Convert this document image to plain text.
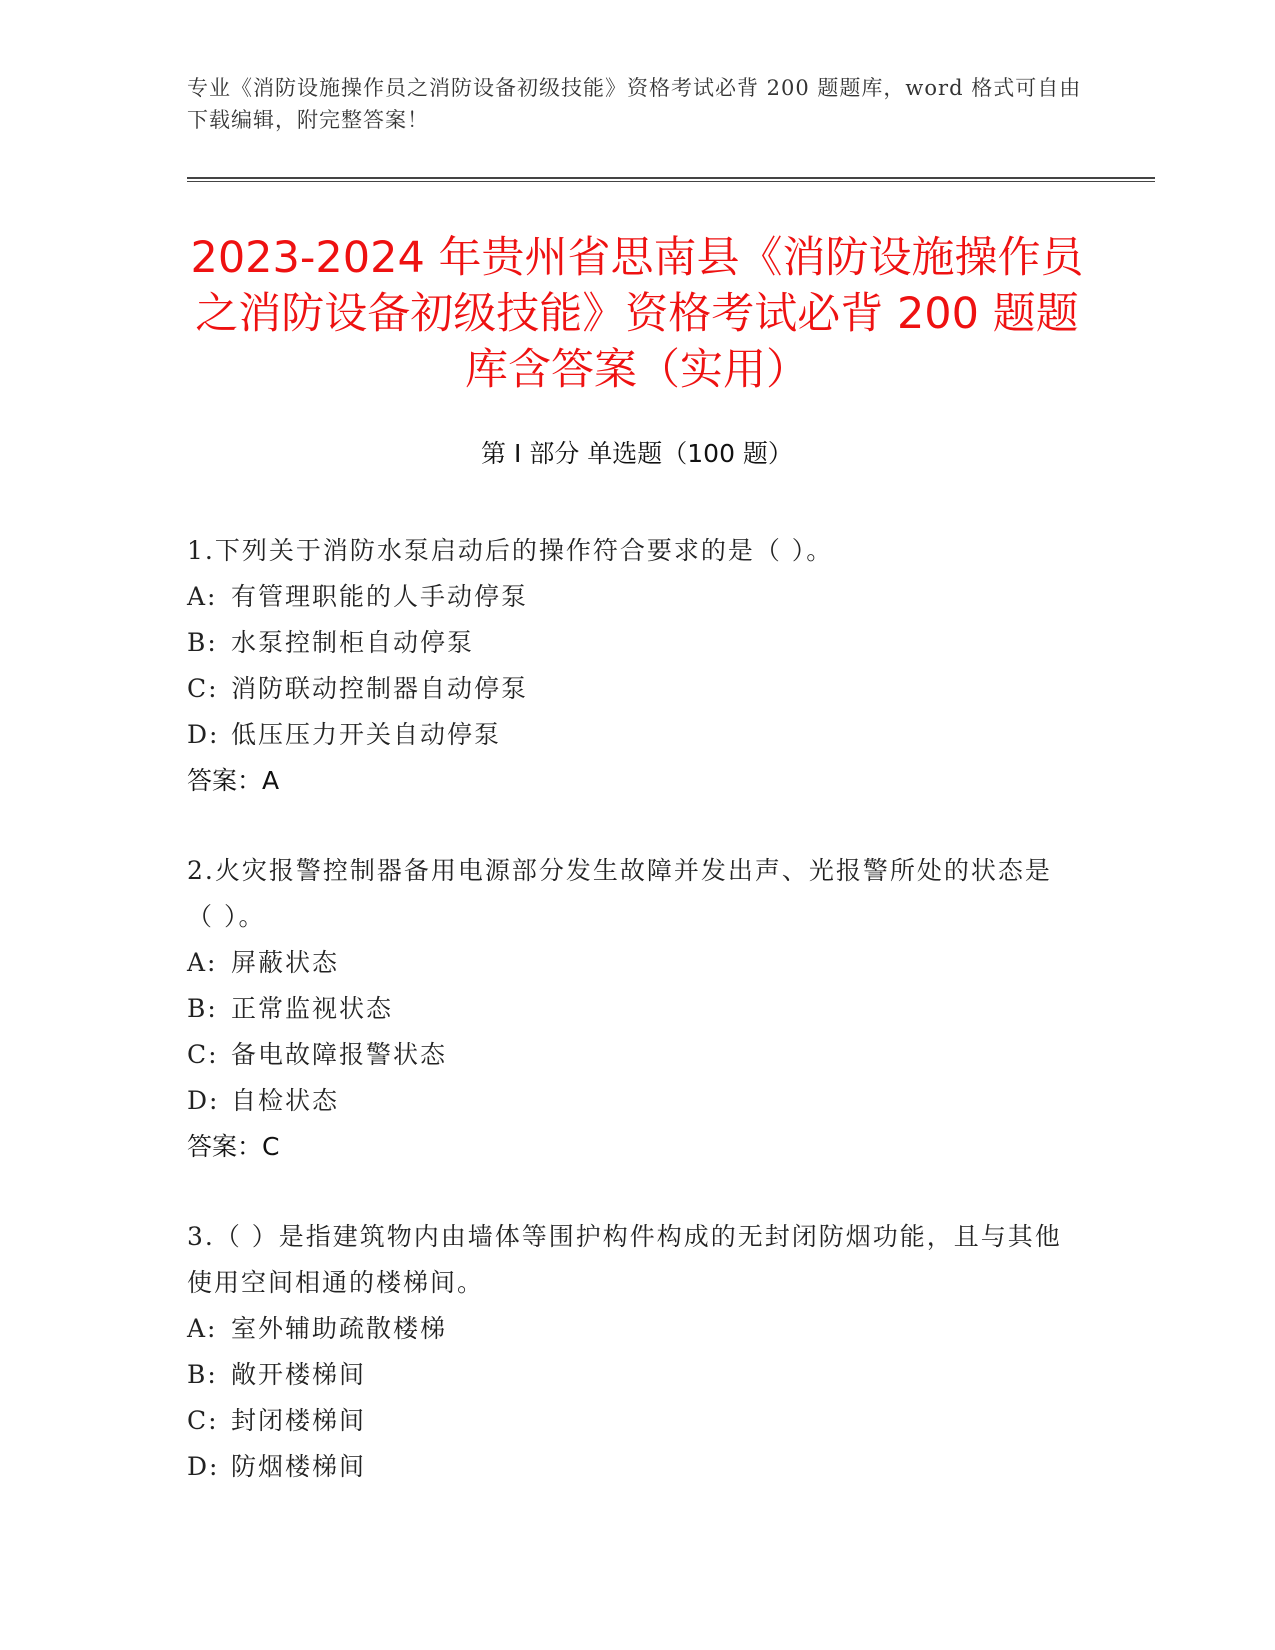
专业《消防设施操作员之消防设备初级技能》资格考试必背 200 题题库，word 格式可自由下载编辑，附完整答案！
2023-2024 年贵州省思南县《消防设施操作员之消防设备初级技能》资格考试必背 200 题题库含答案（实用）
第 I 部分 单选题（100 题）
1.下列关于消防水泵启动后的操作符合要求的是（ ）。
A: 有管理职能的人手动停泵
B: 水泵控制柜自动停泵
C: 消防联动控制器自动停泵
D: 低压压力开关自动停泵
答案：A
2.火灾报警控制器备用电源部分发生故障并发出声、光报警所处的状态是（ ）。
A: 屏蔽状态
B: 正常监视状态
C: 备电故障报警状态
D: 自检状态
答案：C
3.（ ）是指建筑物内由墙体等围护构件构成的无封闭防烟功能，且与其他使用空间相通的楼梯间。
A: 室外辅助疏散楼梯
B: 敞开楼梯间
C: 封闭楼梯间
D: 防烟楼梯间
